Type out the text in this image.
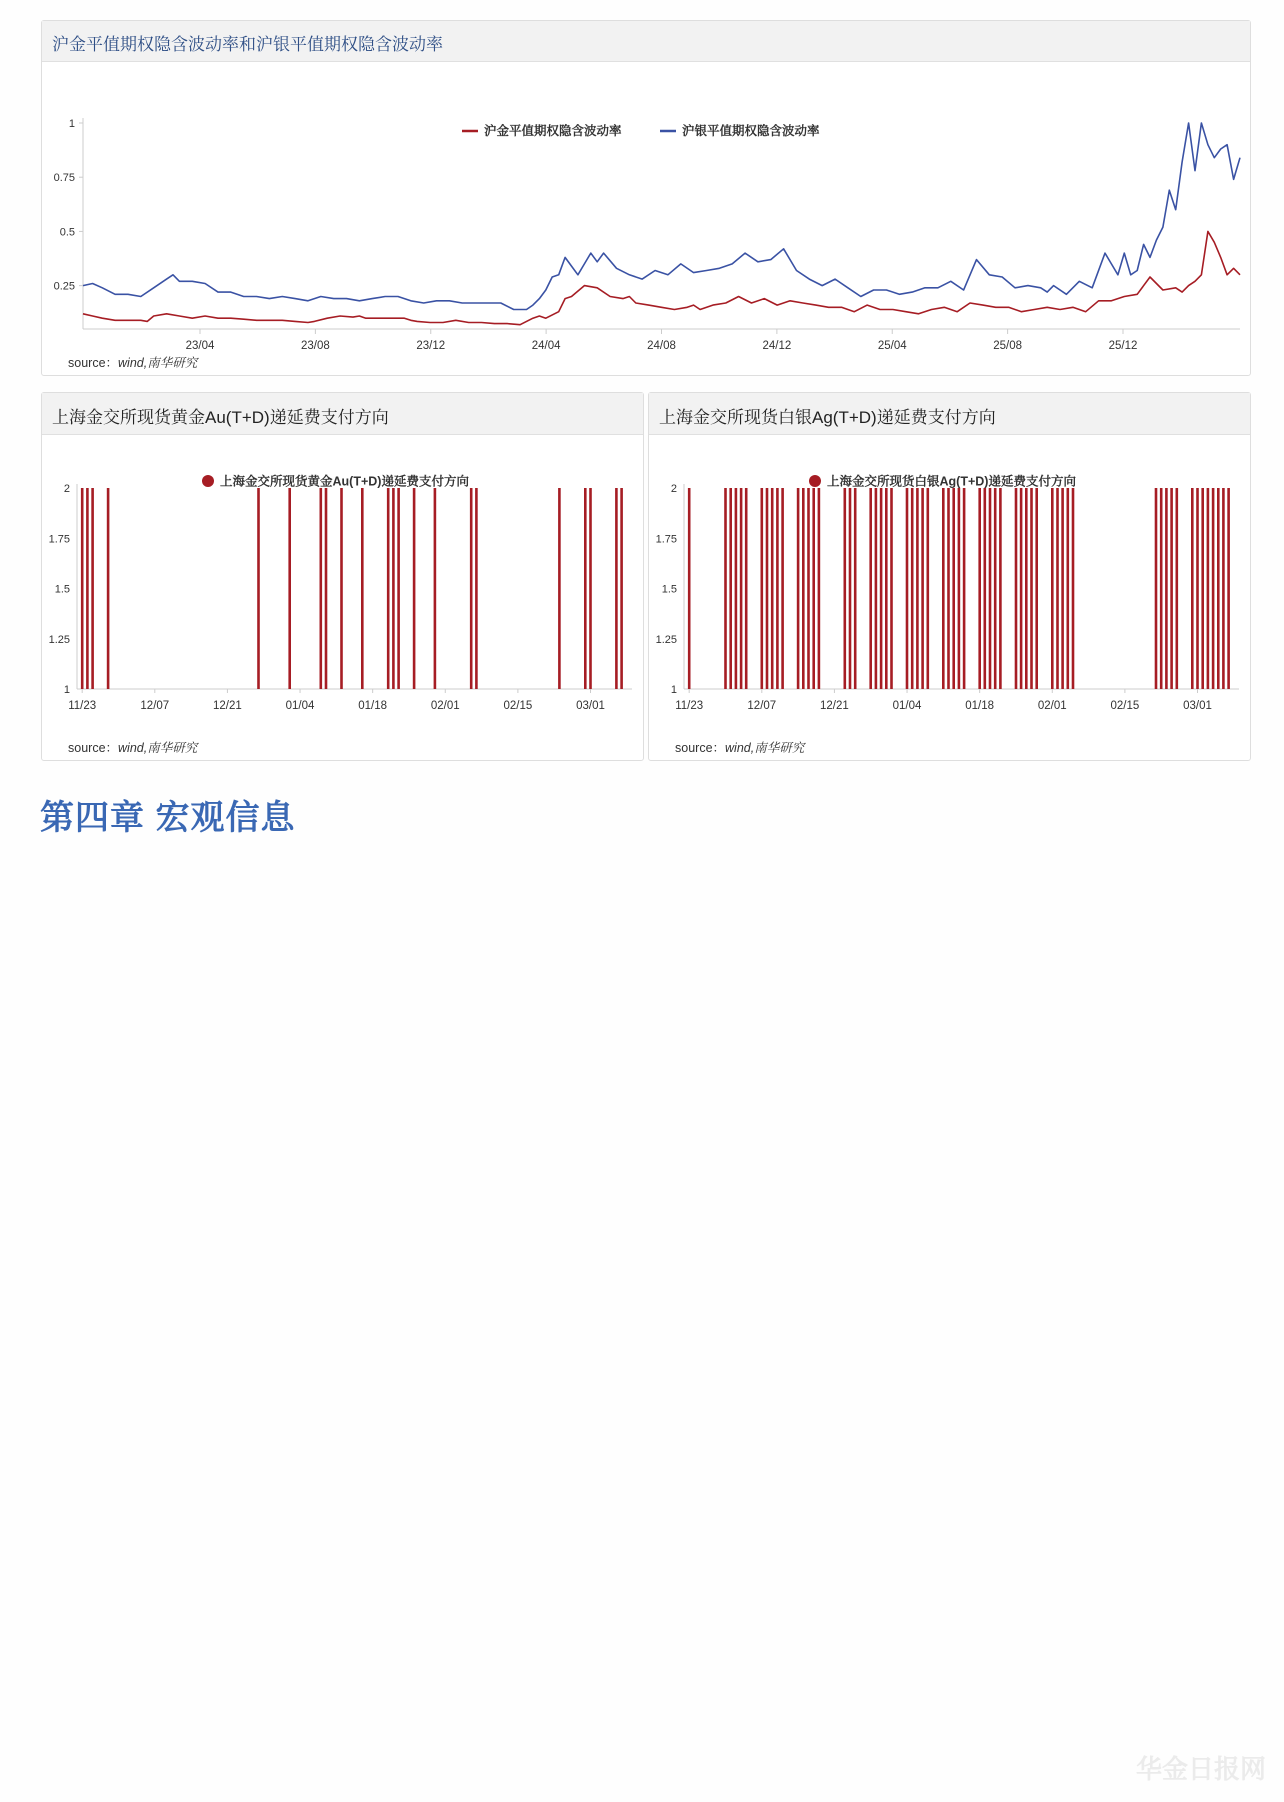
沪金平值期权隐含波动率和沪银平值期权隐含波动率
0.25
0.5
0.75
1
23/04	23/08	23/12	24/04	24/08	24/12	25/04	25/08	25/12
沪金平值期权隐含波动率	沪银平值期权隐含波动率
source：wind,南华研究
上海金交所现货黄金Au(T+D)递延费支付方向
上海金交所现货黄金Au(T+D)递延费支付方向
1
1.25
1.5
1.75
2
11/23	12/07	12/21	01/04	01/18	02/01	02/15	03/01
source：wind,南华研究
上海金交所现货白银Ag(T+D)递延费支付方向
上海金交所现货白银Ag(T+D)递延费支付方向
1
1.25
1.5
1.75
2
11/23	12/07	12/21	01/04	01/18	02/01	02/15	03/01
source：wind,南华研究
第四章 宏观信息
华金日报网
